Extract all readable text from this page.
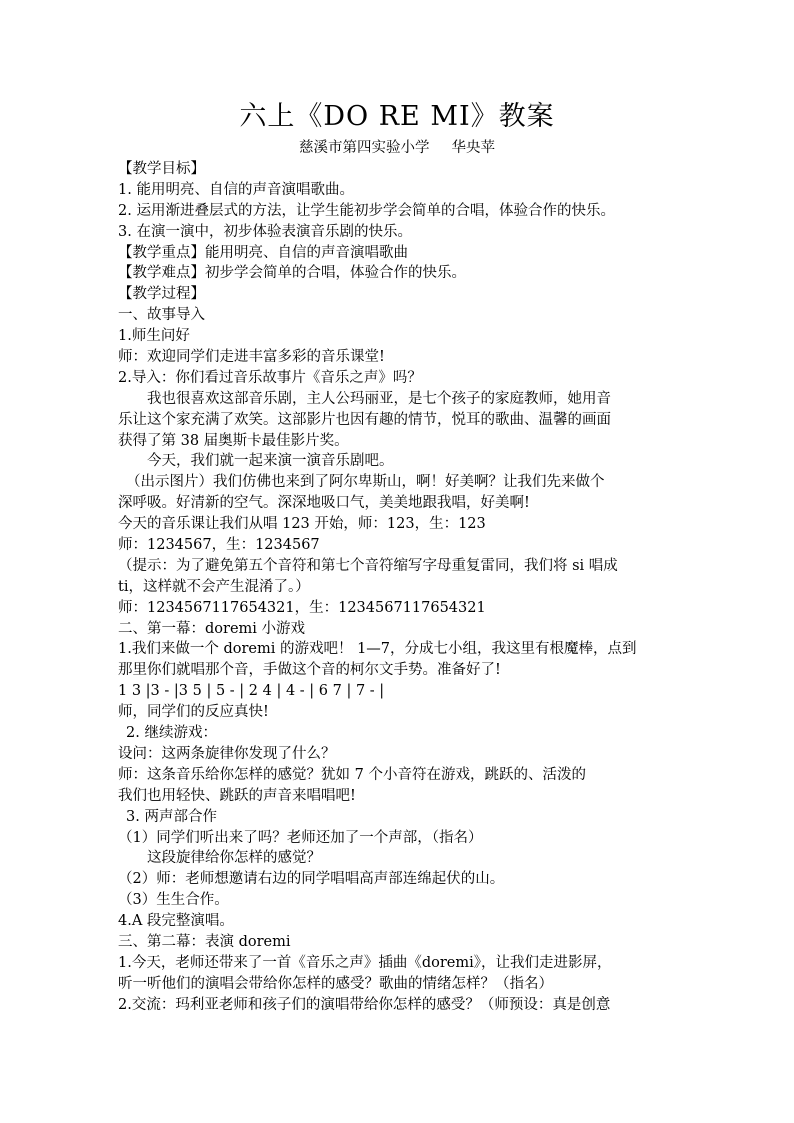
六上《DO RE MI》教案
慈溪市第四实验小学 华央苹
【教学目标】
1. 能用明亮、自信的声音演唱歌曲。
2. 运用渐进叠层式的方法，让学生能初步学会简单的合唱，体验合作的快乐。
3. 在演一演中，初步体验表演音乐剧的快乐。
【教学重点】能用明亮、自信的声音演唱歌曲
【教学难点】初步学会简单的合唱，体验合作的快乐。
【教学过程】
一、故事导入
1.师生问好
师：欢迎同学们走进丰富多彩的音乐课堂!
2.导入：你们看过音乐故事片《音乐之声》吗？
我也很喜欢这部音乐剧，主人公玛丽亚，是七个孩子的家庭教师，她用音
乐让这个家充满了欢笑。这部影片也因有趣的情节，悦耳的歌曲、温馨的画面
获得了第 38 届奥斯卡最佳影片奖。
今天，我们就一起来演一演音乐剧吧。
（出示图片）我们仿佛也来到了阿尔卑斯山，啊！好美啊？让我们先来做个
深呼吸。好清新的空气。深深地吸口气，美美地跟我唱，好美啊!
今天的音乐课让我们从唱 123 开始，师：123，生：123
师：1234567，生：1234567
（提示：为了避免第五个音符和第七个音符缩写字母重复雷同，我们将 si 唱成
ti，这样就不会产生混淆了。）
师：1234567117654321，生：1234567117654321
二、第一幕：doremi 小游戏
1.我们来做一个 doremi 的游戏吧！ 1—7，分成七小组，我这里有根魔棒，点到
那里你们就唱那个音，手做这个音的柯尔文手势。准备好了!
1 3 |3 - |3 5 | 5 - | 2 4 | 4 - | 6 7 | 7 - |
师，同学们的反应真快!
2. 继续游戏：
设问：这两条旋律你发现了什么？
师：这条音乐给你怎样的感觉？犹如 7 个小音符在游戏，跳跃的、活泼的
我们也用轻快、跳跃的声音来唱唱吧!
3. 两声部合作
（1）同学们听出来了吗？老师还加了一个声部，（指名）
这段旋律给你怎样的感觉？
（2）师：老师想邀请右边的同学唱唱高声部连绵起伏的山。
（3）生生合作。
4.A 段完整演唱。
三、第二幕：表演 doremi
1.今天，老师还带来了一首《音乐之声》插曲《doremi》，让我们走进影屏，
听一听他们的演唱会带给你怎样的感受？歌曲的情绪怎样？（指名）
2.交流：玛利亚老师和孩子们的演唱带给你怎样的感受？（师预设：真是创意
